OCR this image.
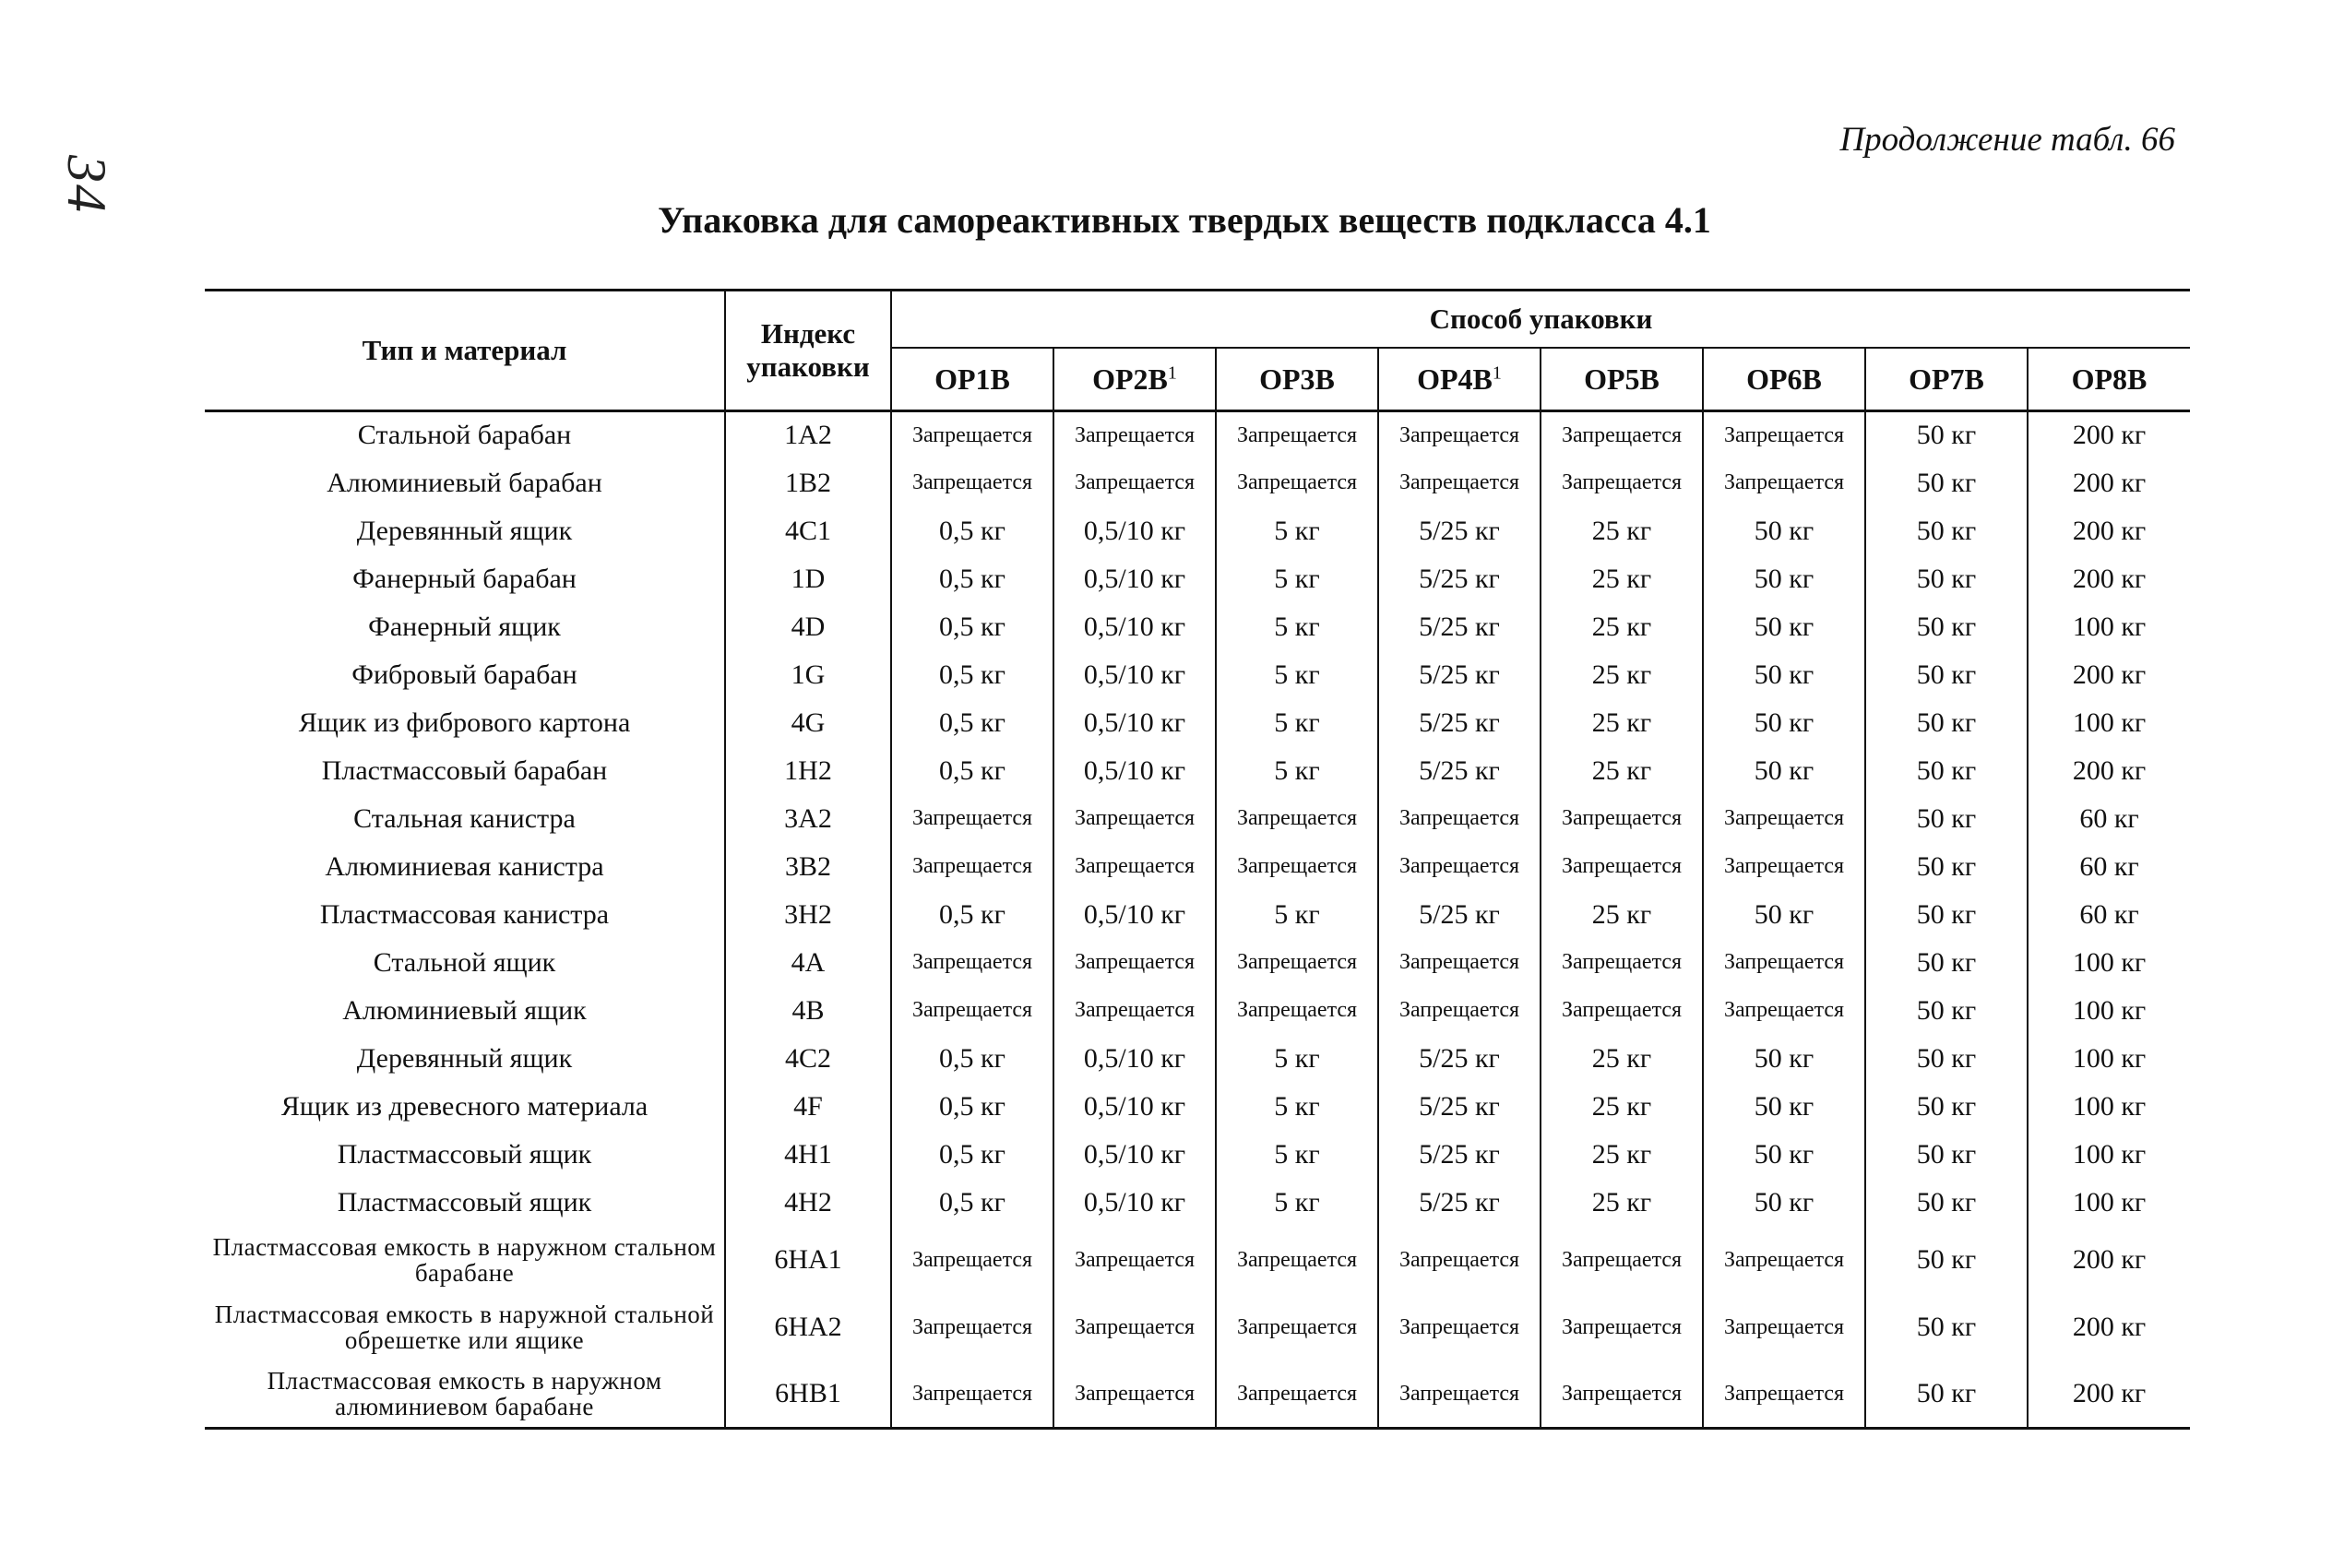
34
Продолжение табл. 66
Упаковка для самореактивных твердых веществ подкласса 4.1
Тип и материал	Индекс упаковки	Способ упаковки							
		OP1B	$OP2B^1$	OP3B	$OP4B^1$	OP5B	OP6B	OP7B	OP8B
Стальной барабан	1A2	Запрещается	Запрещается	Запрещается	Запрещается	Запрещается	Запрещается	50 кг	200 кг
Алюминиевый барабан	1B2	Запрещается	Запрещается	Запрещается	Запрещается	Запрещается	Запрещается	50 кг	200 кг
Деревянный ящик	4C1	0,5 кг	0,5/10 кг	5 кг	5/25 кг	25 кг	50 кг	50 кг	200 кг
Фанерный барабан	1D	0,5 кг	0,5/10 кг	5 кг	5/25 кг	25 кг	50 кг	50 кг	200 кг
Фанерный ящик	4D	0,5 кг	0,5/10 кг	5 кг	5/25 кг	25 кг	50 кг	50 кг	100 кг
Фибровый барабан	1G	0,5 кг	0,5/10 кг	5 кг	5/25 кг	25 кг	50 кг	50 кг	200 кг
Ящик из фибрового картона	4G	0,5 кг	0,5/10 кг	5 кг	5/25 кг	25 кг	50 кг	50 кг	100 кг
Пластмассовый барабан	1H2	0,5 кг	0,5/10 кг	5 кг	5/25 кг	25 кг	50 кг	50 кг	200 кг
Стальная канистра	3A2	Запрещается	Запрещается	Запрещается	Запрещается	Запрещается	Запрещается	50 кг	60 кг
Алюминиевая канистра	3B2	Запрещается	Запрещается	Запрещается	Запрещается	Запрещается	Запрещается	50 кг	60 кг
Пластмассовая канистра	3H2	0,5 кг	0,5/10 кг	5 кг	5/25 кг	25 кг	50 кг	50 кг	60 кг
Стальной ящик	4A	Запрещается	Запрещается	Запрещается	Запрещается	Запрещается	Запрещается	50 кг	100 кг
Алюминиевый ящик	4B	Запрещается	Запрещается	Запрещается	Запрещается	Запрещается	Запрещается	50 кг	100 кг
Деревянный ящик	4C2	0,5 кг	0,5/10 кг	5 кг	5/25 кг	25 кг	50 кг	50 кг	100 кг
Ящик из древесного материала	4F	0,5 кг	0,5/10 кг	5 кг	5/25 кг	25 кг	50 кг	50 кг	100 кг
Пластмассовый ящик	4H1	0,5 кг	0,5/10 кг	5 кг	5/25 кг	25 кг	50 кг	50 кг	100 кг
Пластмассовый ящик	4H2	0,5 кг	0,5/10 кг	5 кг	5/25 кг	25 кг	50 кг	50 кг	100 кг
Пластмассовая емкость в наружном стальном барабане	6HA1	Запрещается	Запрещается	Запрещается	Запрещается	Запрещается	Запрещается	50 кг	200 кг
Пластмассовая емкость в наружной стальной обрешетке или ящике	6HA2	Запрещается	Запрещается	Запрещается	Запрещается	Запрещается	Запрещается	50 кг	200 кг
Пластмассовая емкость в наружном алюминиевом барабане	6HB1	Запрещается	Запрещается	Запрещается	Запрещается	Запрещается	Запрещается	50 кг	200 кг
